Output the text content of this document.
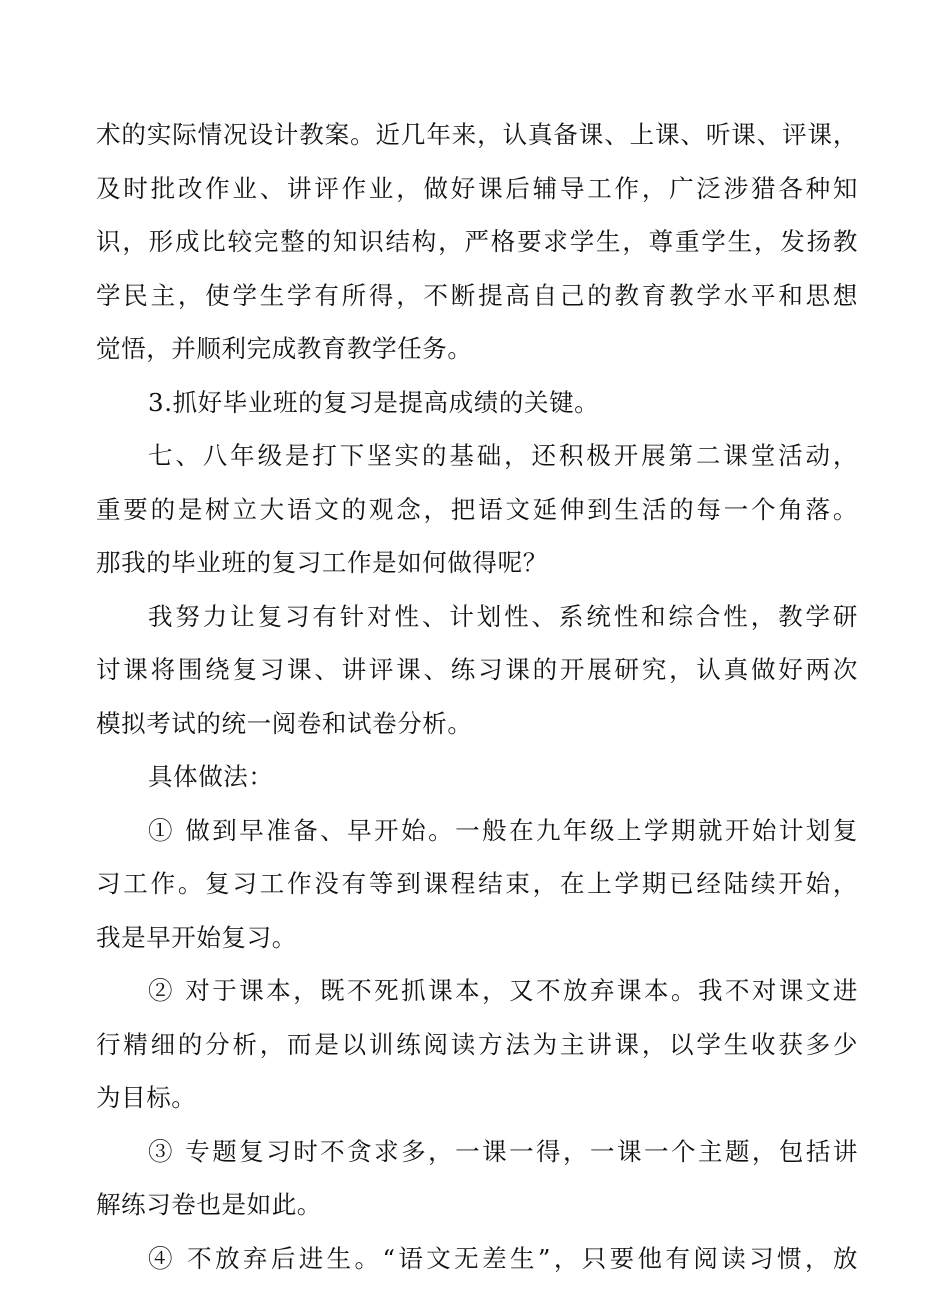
术的实际情况设计教案。近几年来，认真备课、上课、听课、评课，
及时批改作业、讲评作业，做好课后辅导工作，广泛涉猎各种知
识，形成比较完整的知识结构，严格要求学生，尊重学生，发扬教
学民主，使学生学有所得，不断提高自己的教育教学水平和思想
觉悟，并顺利完成教育教学任务。
3.抓好毕业班的复习是提高成绩的关键。
七、八年级是打下坚实的基础，还积极开展第二课堂活动，
重要的是树立大语文的观念，把语文延伸到生活的每一个角落。
那我的毕业班的复习工作是如何做得呢？
我努力让复习有针对性、计划性、系统性和综合性，教学研
讨课将围绕复习课、讲评课、练习课的开展研究，认真做好两次
模拟考试的统一阅卷和试卷分析。
具体做法：
① 做到早准备、早开始。一般在九年级上学期就开始计划复
习工作。复习工作没有等到课程结束，在上学期已经陆续开始，
我是早开始复习。
② 对于课本，既不死抓课本，又不放弃课本。我不对课文进
行精细的分析，而是以训练阅读方法为主讲课，以学生收获多少
为目标。
③ 专题复习时不贪求多，一课一得，一课一个主题，包括讲
解练习卷也是如此。
④ 不放弃后进生。“语文无差生”，只要他有阅读习惯，放
